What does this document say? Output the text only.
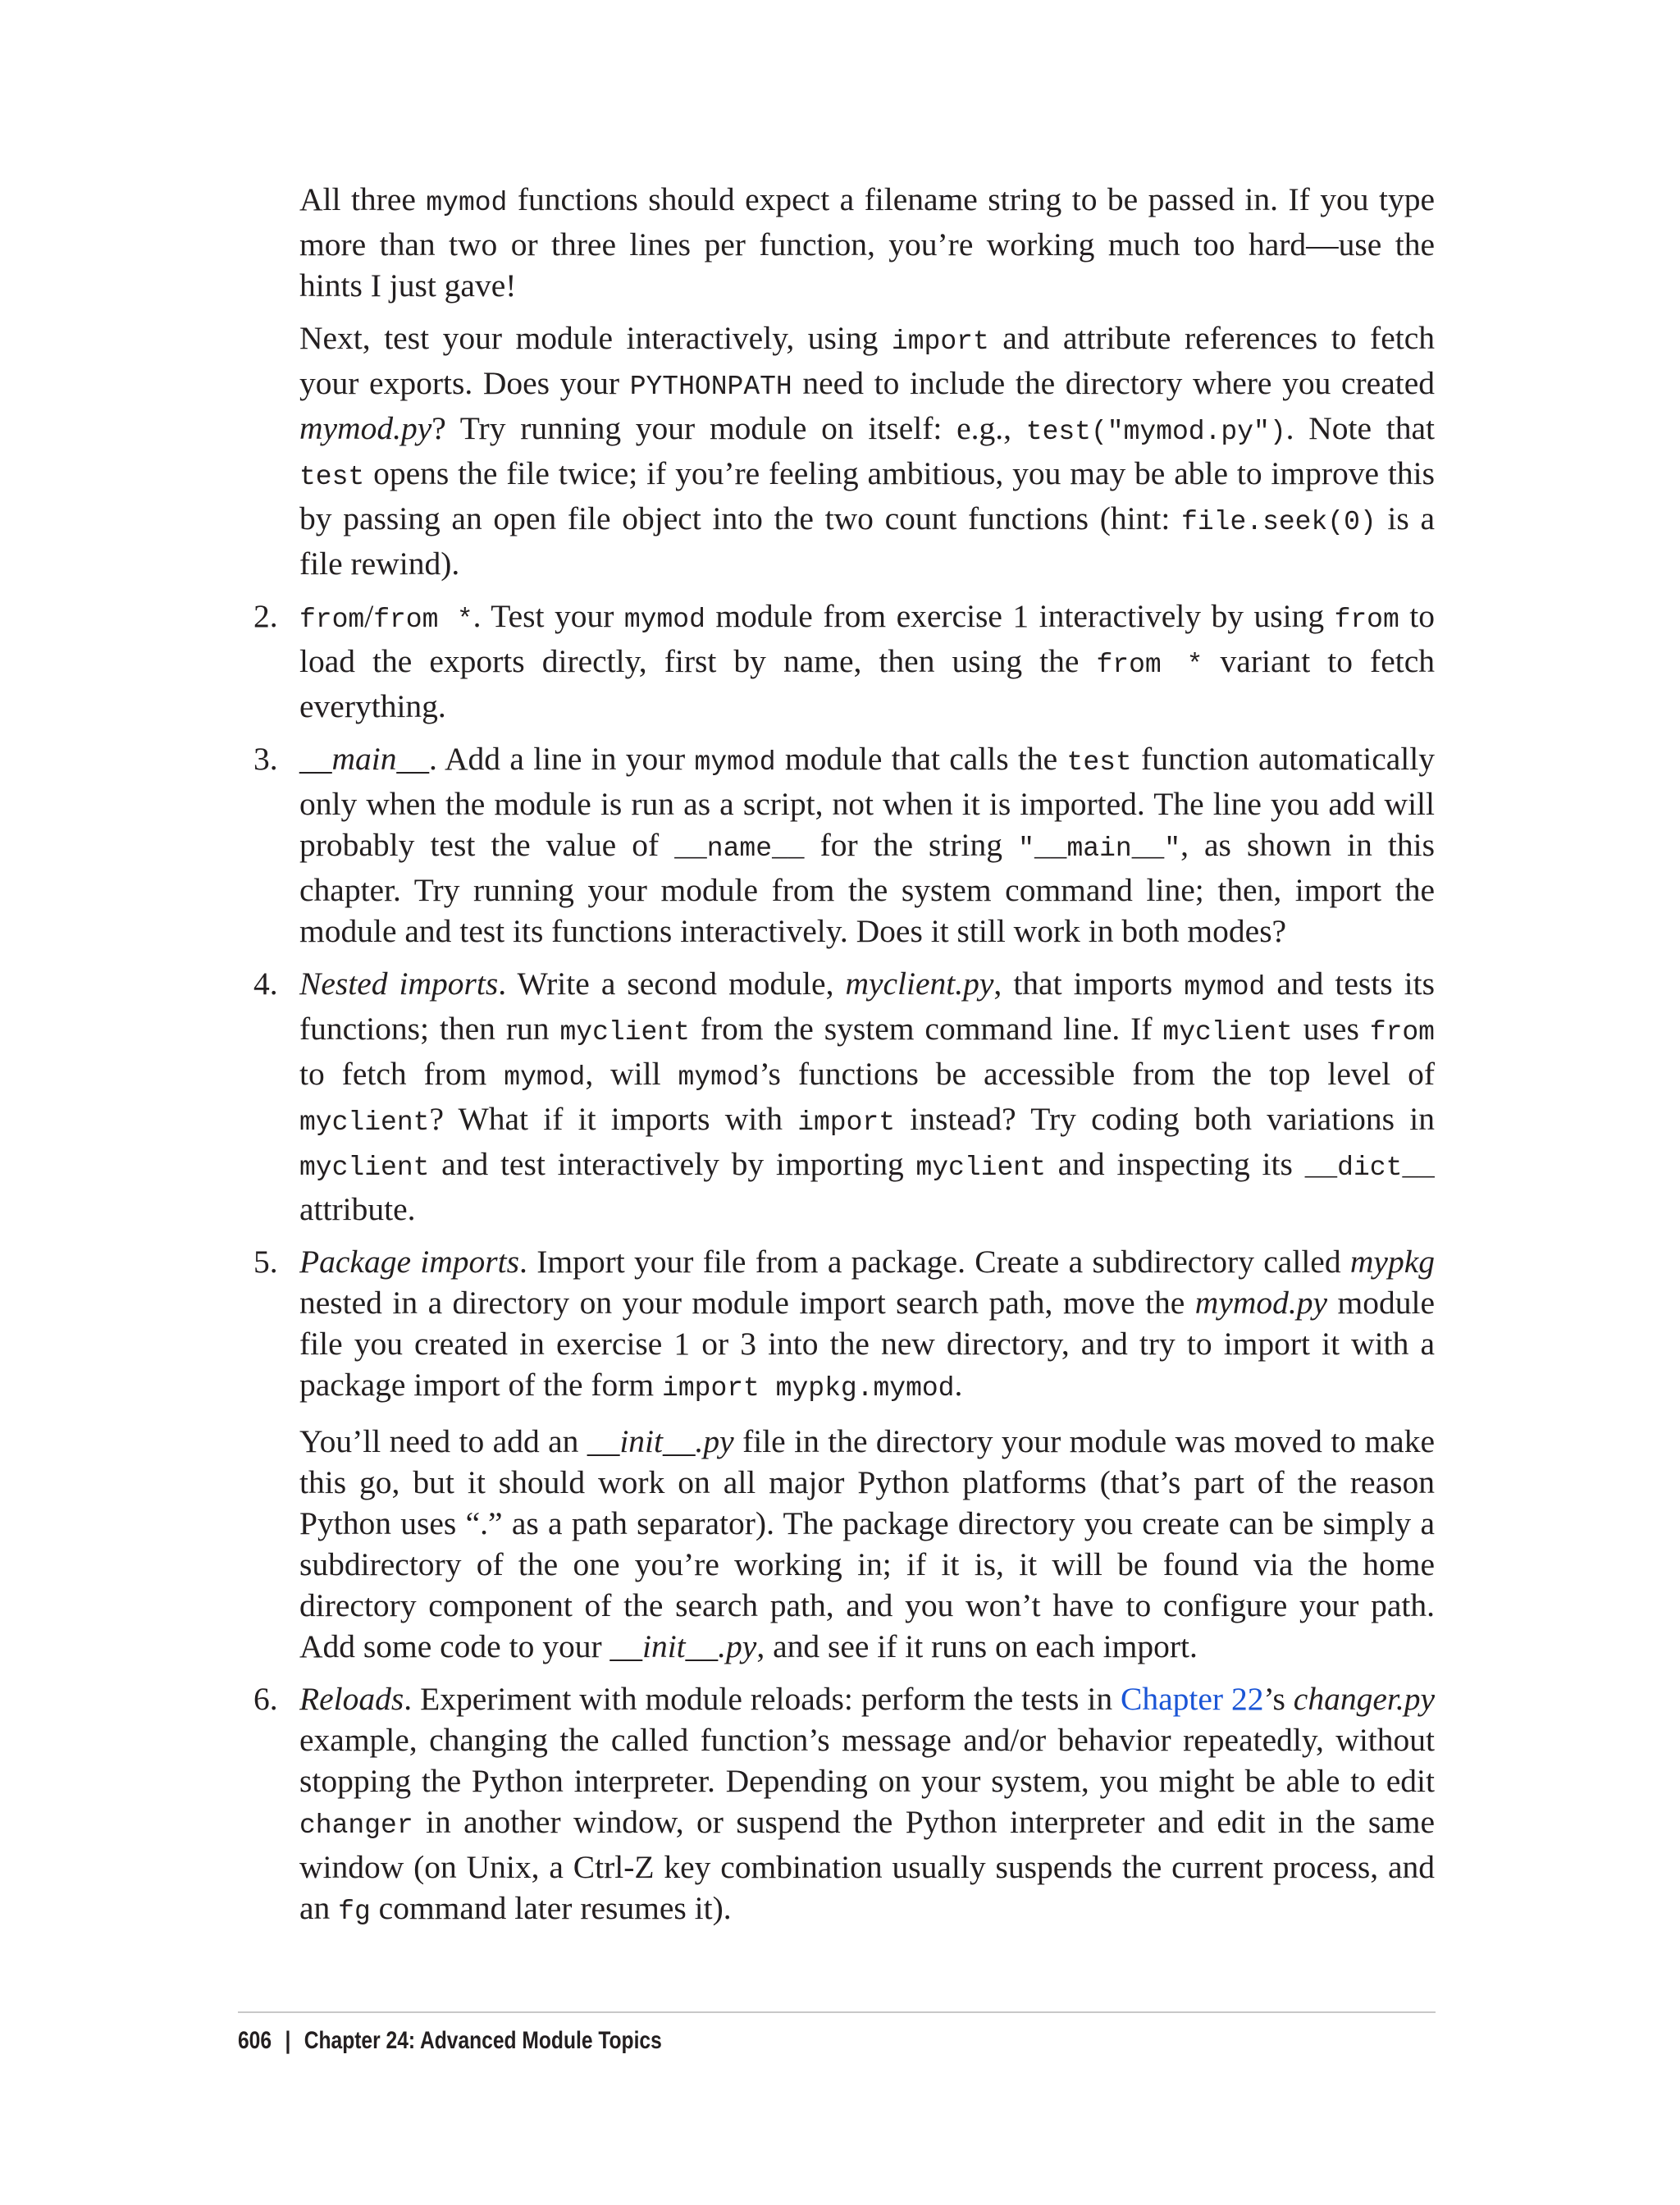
All three mymod functions should expect a filename string to be passed in. If you type more than two or three lines per function, you’re working much too hard—use the hints I just gave!

Next, test your module interactively, using import and attribute references to fetch your exports. Does your PYTHONPATH need to include the directory where you created mymod.py? Try running your module on itself: e.g., test("mymod.py"). Note that test opens the file twice; if you’re feeling ambitious, you may be able to improve this by passing an open file object into the two count functions (hint: file.seek(0) is a file rewind).

2. from/from *. Test your mymod module from exercise 1 interactively by using from to load the exports directly, first by name, then using the from * variant to fetch everything.
3. __main__. Add a line in your mymod module that calls the test function automatically only when the module is run as a script, not when it is imported. The line you add will probably test the value of __name__ for the string "__main__", as shown in this chapter. Try running your module from the system command line; then, import the module and test its functions interactively. Does it still work in both modes?
4. Nested imports. Write a second module, myclient.py, that imports mymod and tests its functions; then run myclient from the system command line. If myclient uses from to fetch from mymod, will mymod’s functions be accessible from the top level of myclient? What if it imports with import instead? Try coding both variations in myclient and test interactively by importing myclient and inspecting its __dict__ attribute.
5. Package imports. Import your file from a package. Create a subdirectory called mypkg nested in a directory on your module import search path, move the mymod.py module file you created in exercise 1 or 3 into the new directory, and try to import it with a package import of the form import mypkg.mymod.
You’ll need to add an __init__.py file in the directory your module was moved to make this go, but it should work on all major Python platforms (that’s part of the reason Python uses “.” as a path separator). The package directory you create can be simply a subdirectory of the one you’re working in; if it is, it will be found via the home directory component of the search path, and you won’t have to configure your path. Add some code to your __init__.py, and see if it runs on each import.
6. Reloads. Experiment with module reloads: perform the tests in Chapter 22’s changer.py example, changing the called function’s message and/or behavior repeatedly, without stopping the Python interpreter. Depending on your system, you might be able to edit changer in another window, or suspend the Python interpreter and edit in the same window (on Unix, a Ctrl-Z key combination usually suspends the current process, and an fg command later resumes it).
606 | Chapter 24: Advanced Module Topics
